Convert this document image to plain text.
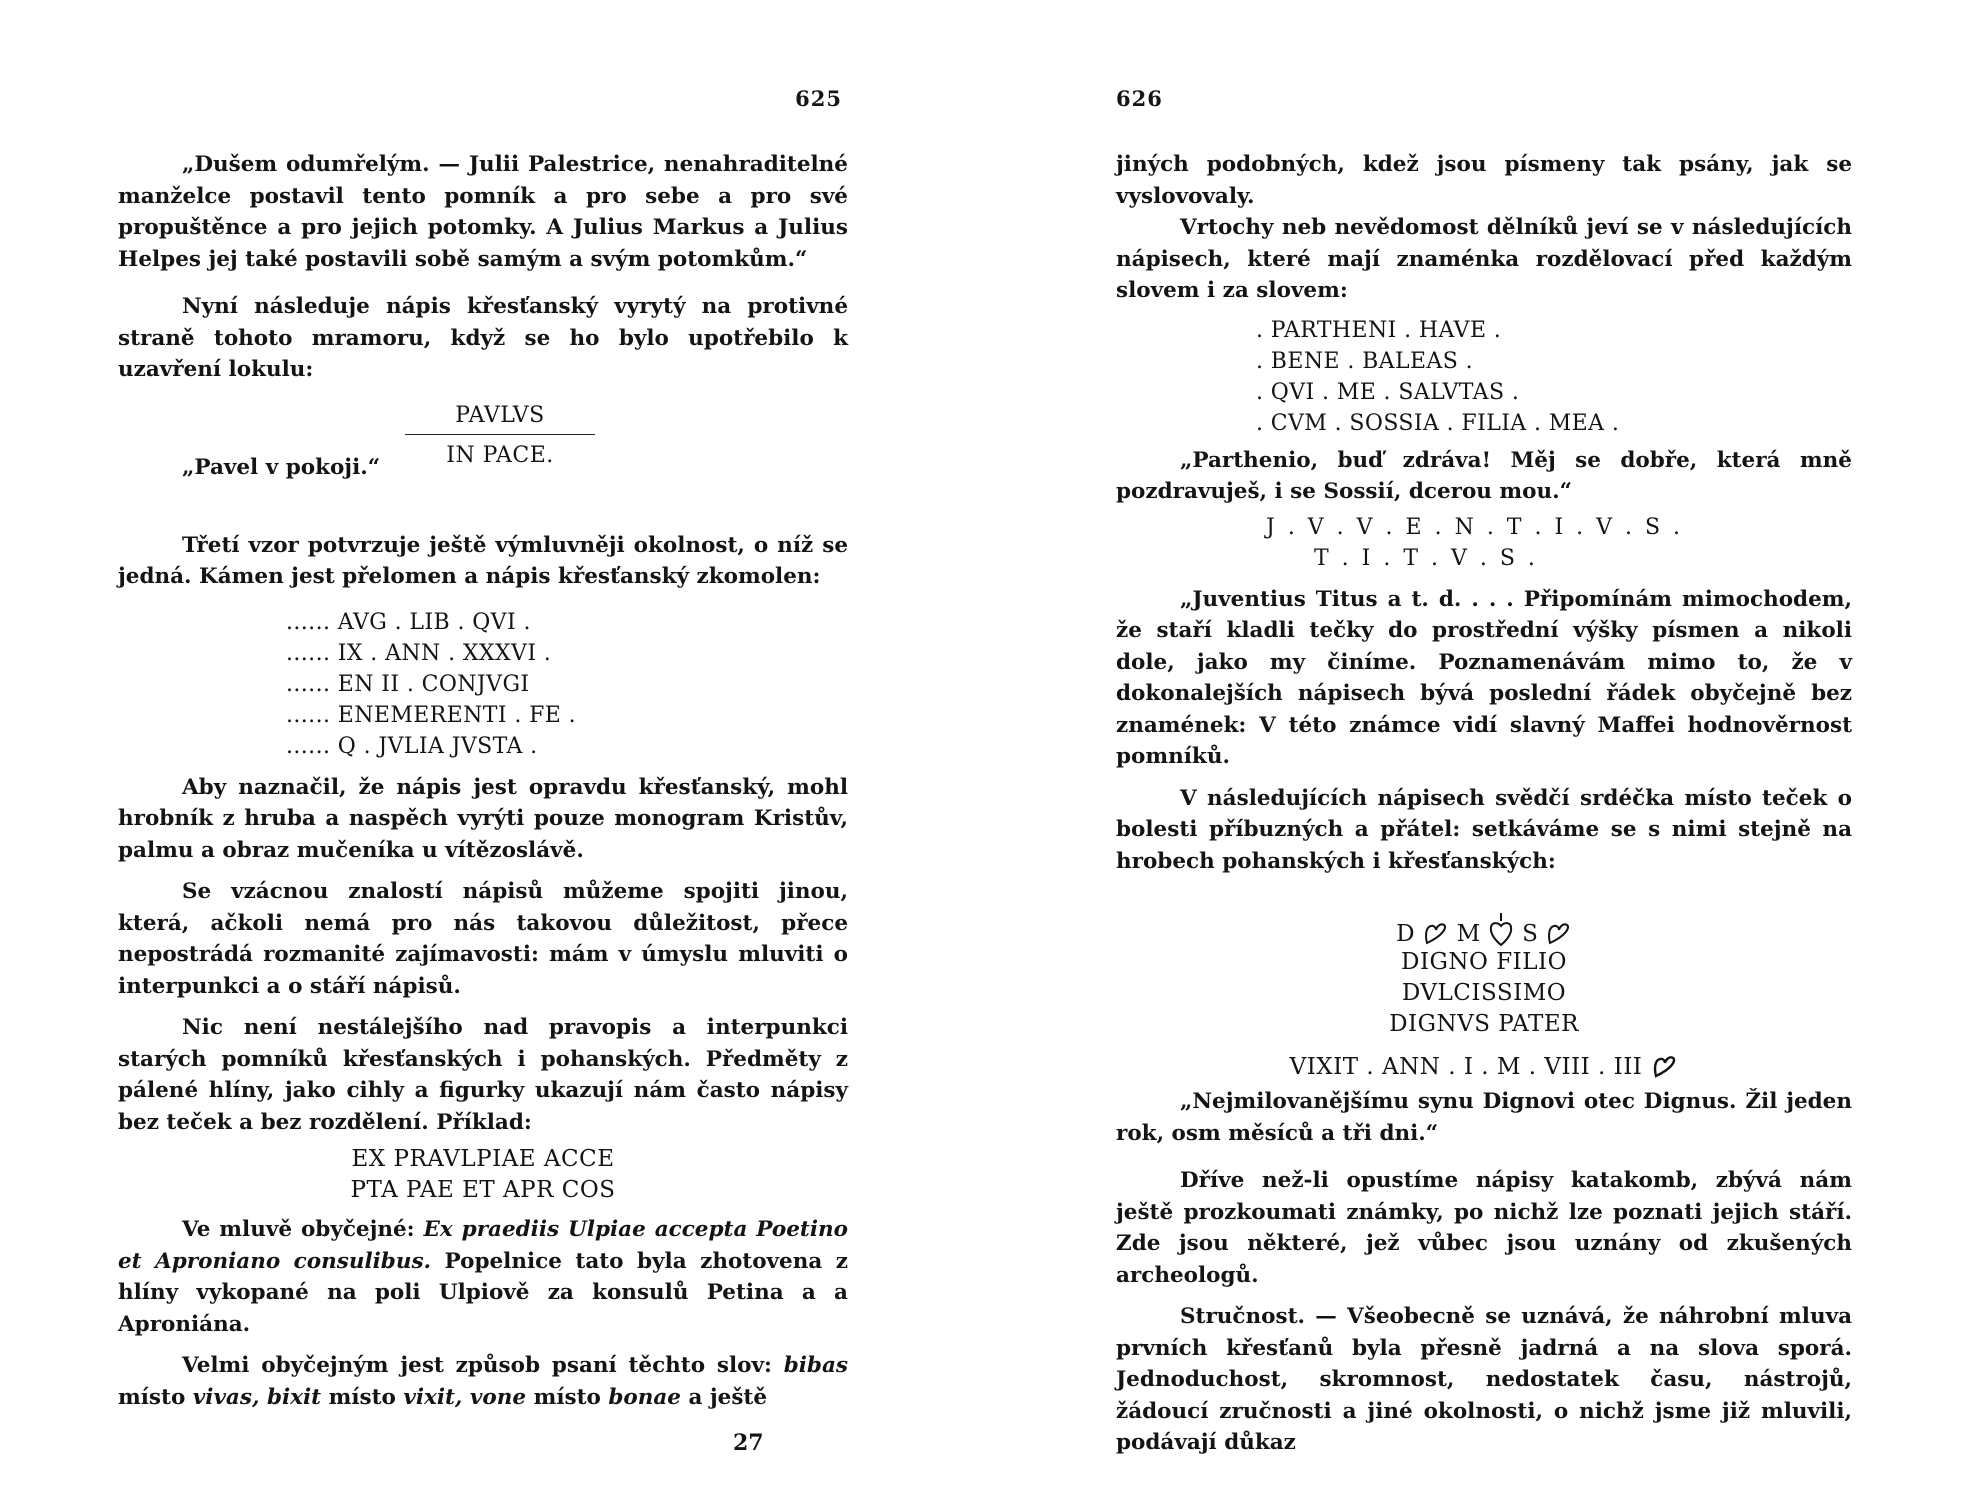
625

„Dušem odumřelým. — Julii Palestrice, nenahraditelné manželce postavil tento pomník a pro sebe a pro své propuštěnce a pro jejich potomky. A Julius Markus a Julius Helpes jej také postavili sobě samým a svým potomkům.“

Nyní následuje nápis křesťanský vyrytý na protivné straně tohoto mramoru, když se ho bylo upotřebilo k uzavření lokulu:

PAVLVS
IN PACE.
„Pavel v pokoji.“

Třetí vzor potvrzuje ještě výmluvněji okolnost, o níž se jedná. Kámen jest přelomen a nápis křesťanský zkomolen:

...... AVG . LIB . QVI .
...... IX . ANN . XXXVI .
...... EN II . CONJVGI
...... ENEMERENTI . FE .
...... Q . JVLIA JVSTA .

Aby naznačil, že nápis jest opravdu křesťanský, mohl hrobník z hruba a naspěch vyrýti pouze monogram Kristův, palmu a obraz mučeníka u vítězoslávě.

Se vzácnou znalostí nápisů můžeme spojiti jinou, která, ačkoli nemá pro nás takovou důležitost, přece nepostrádá rozmanité zajímavosti: mám v úmyslu mluviti o interpunkci a o stáří nápisů.

Nic není nestálejšího nad pravopis a interpunkci starých pomníků křesťanských i pohanských. Předměty z pálené hlíny, jako cihly a figurky ukazují nám často nápisy bez teček a bez rozdělení. Příklad:

EX PRAVLPIAE ACCE
PTA PAE ET APR COS

Ve mluvě obyčejné: Ex praediis Ulpiae accepta Poetino et Aproniano consulibus. Popelnice tato byla zhotovena z hlíny vykopané na poli Ulpiově za konsulů Petina a a Aproniána.

Velmi obyčejným jest způsob psaní těchto slov: bibas místo vivas, bixit místo vixit, vone místo bonae a ještě

27
626

jiných podobných, kdež jsou písmeny tak psány, jak se vyslovovaly.

Vrtochy neb nevědomost dělníků jeví se v následujících nápisech, které mají znaménka rozdělovací před každým slovem i za slovem:

. PARTHENI . HAVE .
. BENE . BALEAS .
. QVI . ME . SALVTAS .
. CVM . SOSSIA . FILIA . MEA .

„Parthenio, buď zdráva! Měj se dobře, která mně pozdravuješ, i se Sossií, dcerou mou.“

J . V . V . E . N . T . I . V . S .
T . I . T . V . S .

„Juventius Titus a t. d. . . . Připomínám mimochodem, že staří kladli tečky do prostřední výšky písmen a nikoli dole, jako my činíme. Poznamenávám mimo to, že v dokonalejších nápisech bývá poslední řádek obyčejně bez znamének: V této známce vidí slavný Maffei hodnověrnost pomníků.

V následujících nápisech svědčí srdéčka místo teček o bolesti příbuzných a přátel: setkáváme se s nimi stejně na hrobech pohanských i křesťanských:

D M S
DIGNO FILIO
DVLCISSIMO
DIGNVS PATER
VIXIT . ANN . I . M . VIII . III

„Nejmilovanějšímu synu Dignovi otec Dignus. Žil jeden rok, osm měsíců a tři dni.“

Dříve než-li opustíme nápisy katakomb, zbývá nám ještě prozkoumati známky, po nichž lze poznati jejich stáří. Zde jsou některé, jež vůbec jsou uznány od zkušených archeologů.

Stručnost. — Všeobecně se uznává, že náhrobní mluva prvních křesťanů byla přesně jadrná a na slova sporá. Jednoduchost, skromnost, nedostatek času, nástrojů, žádoucí zručnosti a jiné okolnosti, o nichž jsme již mluvili, podávají důkaz
